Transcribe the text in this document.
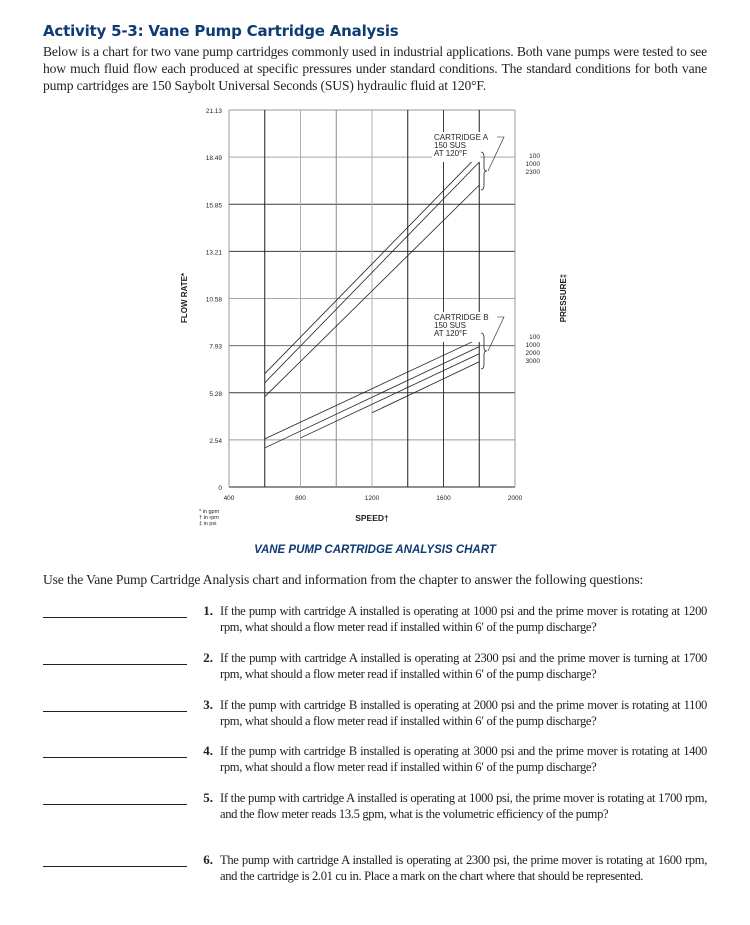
Activity 5-3: Vane Pump Cartridge Analysis
Below is a chart for two vane pump cartridges commonly used in industrial applications. Both vane pumps were tested to see how much fluid flow each produced at specific pressures under standard conditions. The standard conditions for both vane pump cartridges are 150 Saybolt Universal Seconds (SUS) hydraulic fluid at 120°F.
0
2.54
5.28
7.93
10.58
13.21
15.85
18.49
21.13
400	800	1200	1600	2000
CARTRIDGE A
150 SUS
AT 120°F	100
1000
2300
CARTRIDGE B
150 SUS
AT 120°F	100
1000
2000
3000
FLOW RATE*	PRESSURE‡
SPEED†
* in gpm
† in rpm
‡ in psi
VANE PUMP CARTRIDGE ANALYSIS CHART
Use the Vane Pump Cartridge Analysis chart and information from the chapter to answer the following questions:
1. If the pump with cartridge A installed is operating at 1000 psi and the prime mover is rotating at 1200 rpm, what should a flow meter read if installed within 6′ of the pump discharge?
2. If the pump with cartridge A installed is operating at 2300 psi and the prime mover is turning at 1700 rpm, what should a flow meter read if installed within 6′ of the pump discharge?
3. If the pump with cartridge B installed is operating at 2000 psi and the prime mover is rotating at 1100 rpm, what should a flow meter read if installed within 6′ of the pump discharge?
4. If the pump with cartridge B installed is operating at 3000 psi and the prime mover is rotating at 1400 rpm, what should a flow meter read if installed within 6′ of the pump discharge?
5. If the pump with cartridge A installed is operating at 1000 psi, the prime mover is rotating at 1700 rpm, and the flow meter reads 13.5 gpm, what is the volumetric efficiency of the pump?
6. The pump with cartridge A installed is operating at 2300 psi, the prime mover is rotating at 1600 rpm, and the cartridge is 2.01 cu in. Place a mark on the chart where that should be represented.
